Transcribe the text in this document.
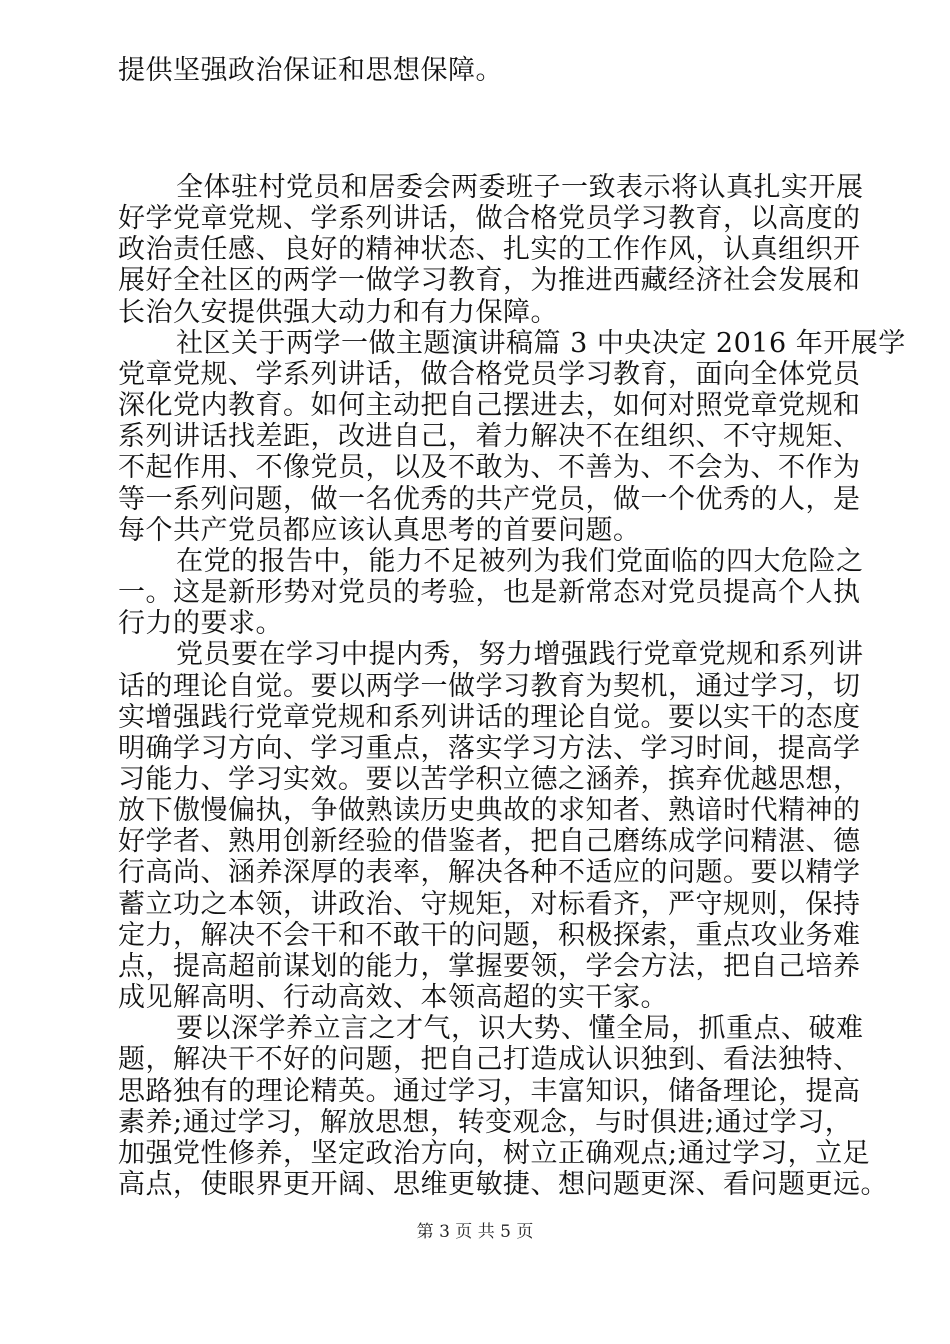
提供坚强政治保证和思想保障。
全体驻村党员和居委会两委班子一致表示将认真扎实开展
好学党章党规、学系列讲话，做合格党员学习教育，以高度的
政治责任感、良好的精神状态、扎实的工作作风，认真组织开
展好全社区的两学一做学习教育，为推进西藏经济社会发展和
长治久安提供强大动力和有力保障。
社区关于两学一做主题演讲稿篇 3 中央决定 2016 年开展学
党章党规、学系列讲话，做合格党员学习教育，面向全体党员
深化党内教育。如何主动把自己摆进去，如何对照党章党规和
系列讲话找差距，改进自己，着力解决不在组织、不守规矩、
不起作用、不像党员，以及不敢为、不善为、不会为、不作为
等一系列问题，做一名优秀的共产党员，做一个优秀的人，是
每个共产党员都应该认真思考的首要问题。
在党的报告中，能力不足被列为我们党面临的四大危险之
一。这是新形势对党员的考验，也是新常态对党员提高个人执
行力的要求。
党员要在学习中提内秀，努力增强践行党章党规和系列讲
话的理论自觉。要以两学一做学习教育为契机，通过学习，切
实增强践行党章党规和系列讲话的理论自觉。要以实干的态度
明确学习方向、学习重点，落实学习方法、学习时间，提高学
习能力、学习实效。要以苦学积立德之涵养，摈弃优越思想，
放下傲慢偏执，争做熟读历史典故的求知者、熟谙时代精神的
好学者、熟用创新经验的借鉴者，把自己磨练成学问精湛、德
行高尚、涵养深厚的表率，解决各种不适应的问题。要以精学
蓄立功之本领，讲政治、守规矩，对标看齐，严守规则，保持
定力，解决不会干和不敢干的问题，积极探索，重点攻业务难
点，提高超前谋划的能力，掌握要领，学会方法，把自己培养
成见解高明、行动高效、本领高超的实干家。
要以深学养立言之才气，识大势、懂全局，抓重点、破难
题，解决干不好的问题，把自己打造成认识独到、看法独特、
思路独有的理论精英。通过学习，丰富知识，储备理论，提高
素养;通过学习，解放思想，转变观念，与时俱进;通过学习，
加强党性修养，坚定政治方向，树立正确观点;通过学习，立足
高点，使眼界更开阔、思维更敏捷、想问题更深、看问题更远。
第 3 页 共 5 页
